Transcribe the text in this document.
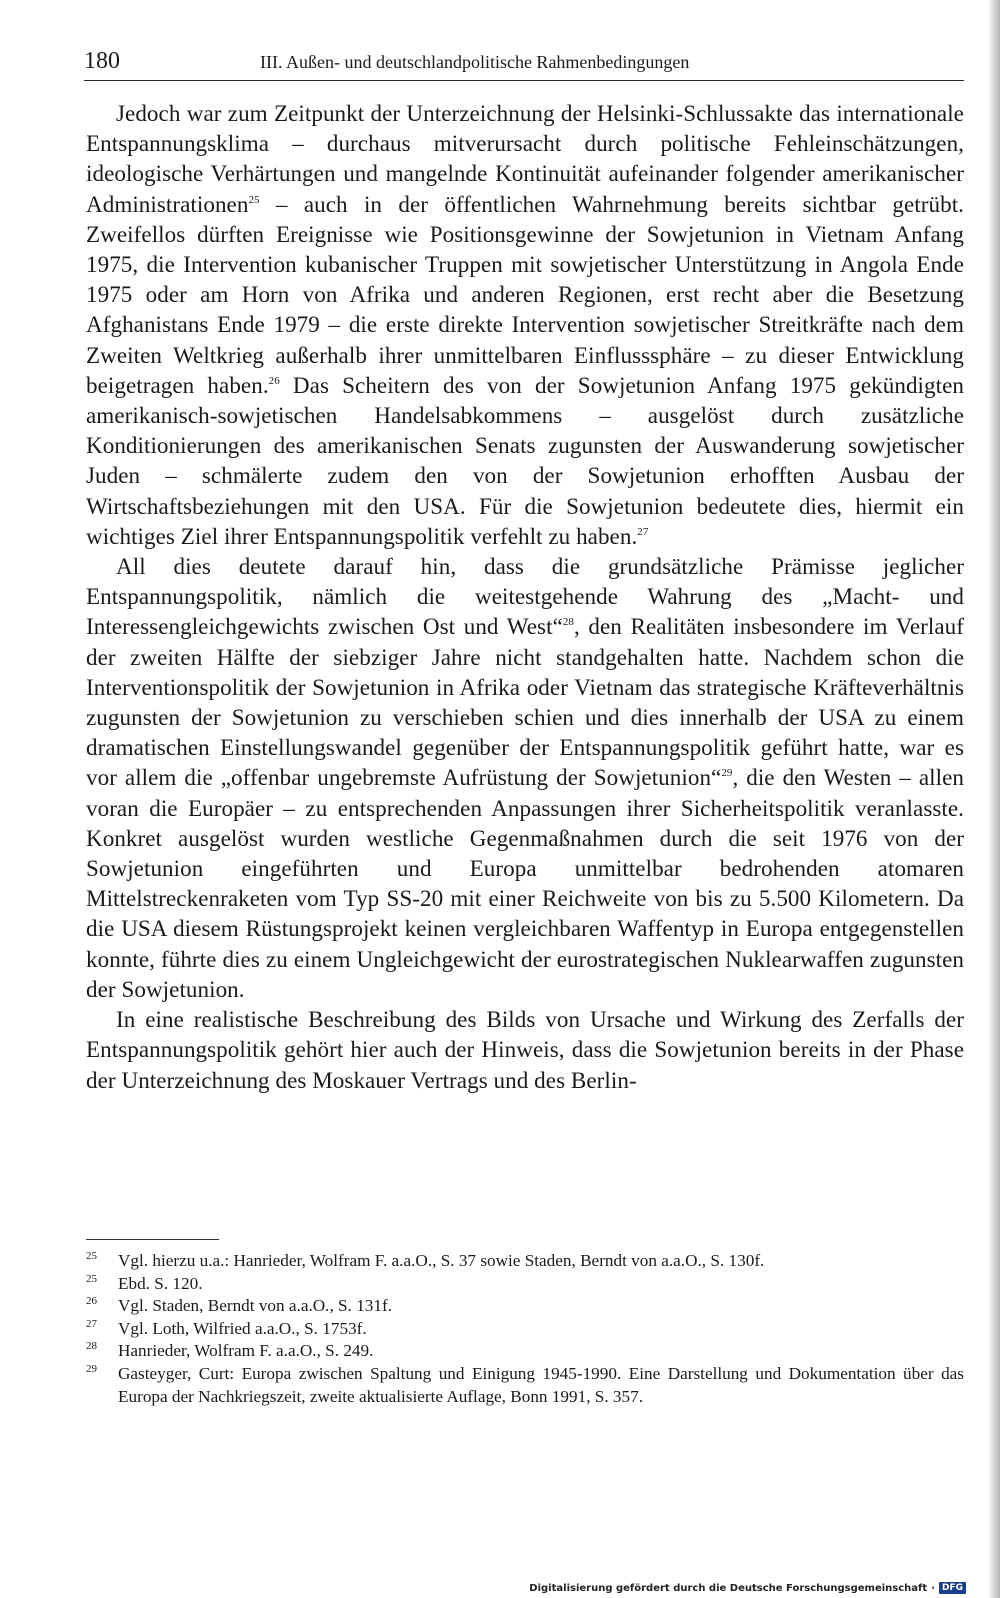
180	III. Außen- und deutschlandpolitische Rahmenbedingungen

Jedoch war zum Zeitpunkt der Unterzeichnung der Helsinki-Schlussakte das internationale Entspannungsklima – durchaus mitverursacht durch politische Fehleinschätzungen, ideologische Verhärtungen und mangelnde Kontinuität aufeinander folgender amerikanischer Administrationen$^{25}$ – auch in der öffentlichen Wahrnehmung bereits sichtbar getrübt. Zweifellos dürften Ereignisse wie Positionsgewinne der Sowjetunion in Vietnam Anfang 1975, die Intervention kubanischer Truppen mit sowjetischer Unterstützung in Angola Ende 1975 oder am Horn von Afrika und anderen Regionen, erst recht aber die Besetzung Afghanistans Ende 1979 – die erste direkte Intervention sowjetischer Streitkräfte nach dem Zweiten Weltkrieg außerhalb ihrer unmittelbaren Einflusssphäre – zu dieser Entwicklung beigetragen haben.$^{26}$ Das Scheitern des von der Sowjetunion Anfang 1975 gekündigten amerikanisch-sowjetischen Handelsabkommens – ausgelöst durch zusätzliche Konditionierungen des amerikanischen Senats zugunsten der Auswanderung sowjetischer Juden – schmälerte zudem den von der Sowjetunion erhofften Ausbau der Wirtschaftsbeziehungen mit den USA. Für die Sowjetunion bedeutete dies, hiermit ein wichtiges Ziel ihrer Entspannungspolitik verfehlt zu haben.$^{27}$

All dies deutete darauf hin, dass die grundsätzliche Prämisse jeglicher Entspannungspolitik, nämlich die weitestgehende Wahrung des „Macht- und Interessengleichgewichts zwischen Ost und West“$^{28}$, den Realitäten insbesondere im Verlauf der zweiten Hälfte der siebziger Jahre nicht standgehalten hatte. Nachdem schon die Interventionspolitik der Sowjetunion in Afrika oder Vietnam das strategische Kräfteverhältnis zugunsten der Sowjetunion zu verschieben schien und dies innerhalb der USA zu einem dramatischen Einstellungswandel gegenüber der Entspannungspolitik geführt hatte, war es vor allem die „offenbar ungebremste Aufrüstung der Sowjetunion“$^{29}$, die den Westen – allen voran die Europäer – zu entsprechenden Anpassungen ihrer Sicherheitspolitik veranlasste. Konkret ausgelöst wurden westliche Gegenmaßnahmen durch die seit 1976 von der Sowjetunion eingeführten und Europa unmittelbar bedrohenden atomaren Mittelstreckenraketen vom Typ SS-20 mit einer Reichweite von bis zu 5.500 Kilometern. Da die USA diesem Rüstungsprojekt keinen vergleichbaren Waffentyp in Europa entgegenstellen konnte, führte dies zu einem Ungleichgewicht der eurostrategischen Nuklearwaffen zugunsten der Sowjetunion.

In eine realistische Beschreibung des Bilds von Ursache und Wirkung des Zerfalls der Entspannungspolitik gehört hier auch der Hinweis, dass die Sowjetunion bereits in der Phase der Unterzeichnung des Moskauer Vertrags und des Berlin-

25 Vgl. hierzu u.a.: Hanrieder, Wolfram F. a.a.O., S. 37 sowie Staden, Berndt von a.a.O., S. 130f.
25 Ebd. S. 120.
26 Vgl. Staden, Berndt von a.a.O., S. 131f.
27 Vgl. Loth, Wilfried a.a.O., S. 1753f.
28 Hanrieder, Wolfram F. a.a.O., S. 249.
29 Gasteyger, Curt: Europa zwischen Spaltung und Einigung 1945-1990. Eine Darstellung und Dokumentation über das Europa der Nachkriegszeit, zweite aktualisierte Auflage, Bonn 1991, S. 357.
Digitalisierung gefördert durch die Deutsche Forschungsgemeinschaft · DFG
